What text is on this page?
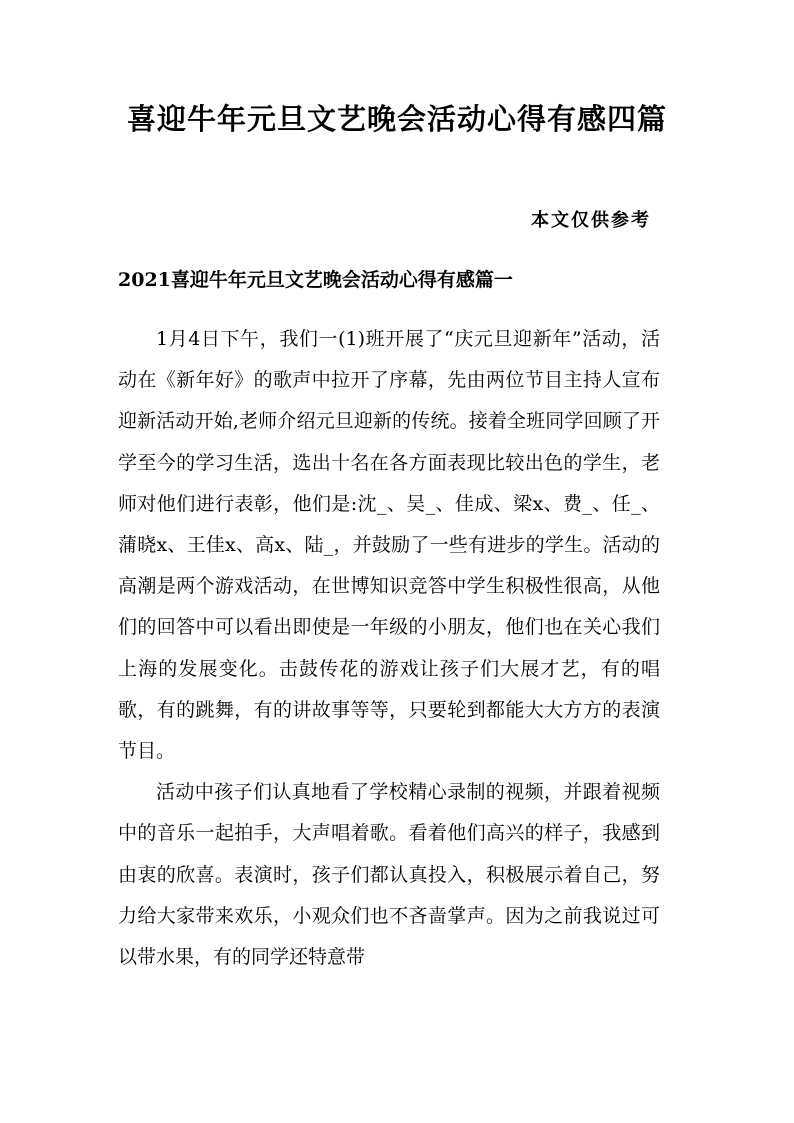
喜迎牛年元旦文艺晚会活动心得有感四篇
本文仅供参考
2021喜迎牛年元旦文艺晚会活动心得有感篇一

1月4日下午，我们一(1)班开展了“庆元旦迎新年”活动，活动在《新年好》的歌声中拉开了序幕，先由两位节目主持人宣布迎新活动开始,老师介绍元旦迎新的传统。接着全班同学回顾了开学至今的学习生活，选出十名在各方面表现比较出色的学生，老师对他们进行表彰，他们是:沈_、吴_、佳成、梁x、费_、任_、蒲晓x、王佳x、高x、陆_，并鼓励了一些有进步的学生。活动的高潮是两个游戏活动，在世博知识竞答中学生积极性很高，从他们的回答中可以看出即使是一年级的小朋友，他们也在关心我们上海的发展变化。击鼓传花的游戏让孩子们大展才艺，有的唱歌，有的跳舞，有的讲故事等等，只要轮到都能大大方方的表演节目。

活动中孩子们认真地看了学校精心录制的视频，并跟着视频中的音乐一起拍手，大声唱着歌。看着他们高兴的样子，我感到由衷的欣喜。表演时，孩子们都认真投入，积极展示着自己，努力给大家带来欢乐，小观众们也不吝啬掌声。因为之前我说过可以带水果，有的同学还特意带
